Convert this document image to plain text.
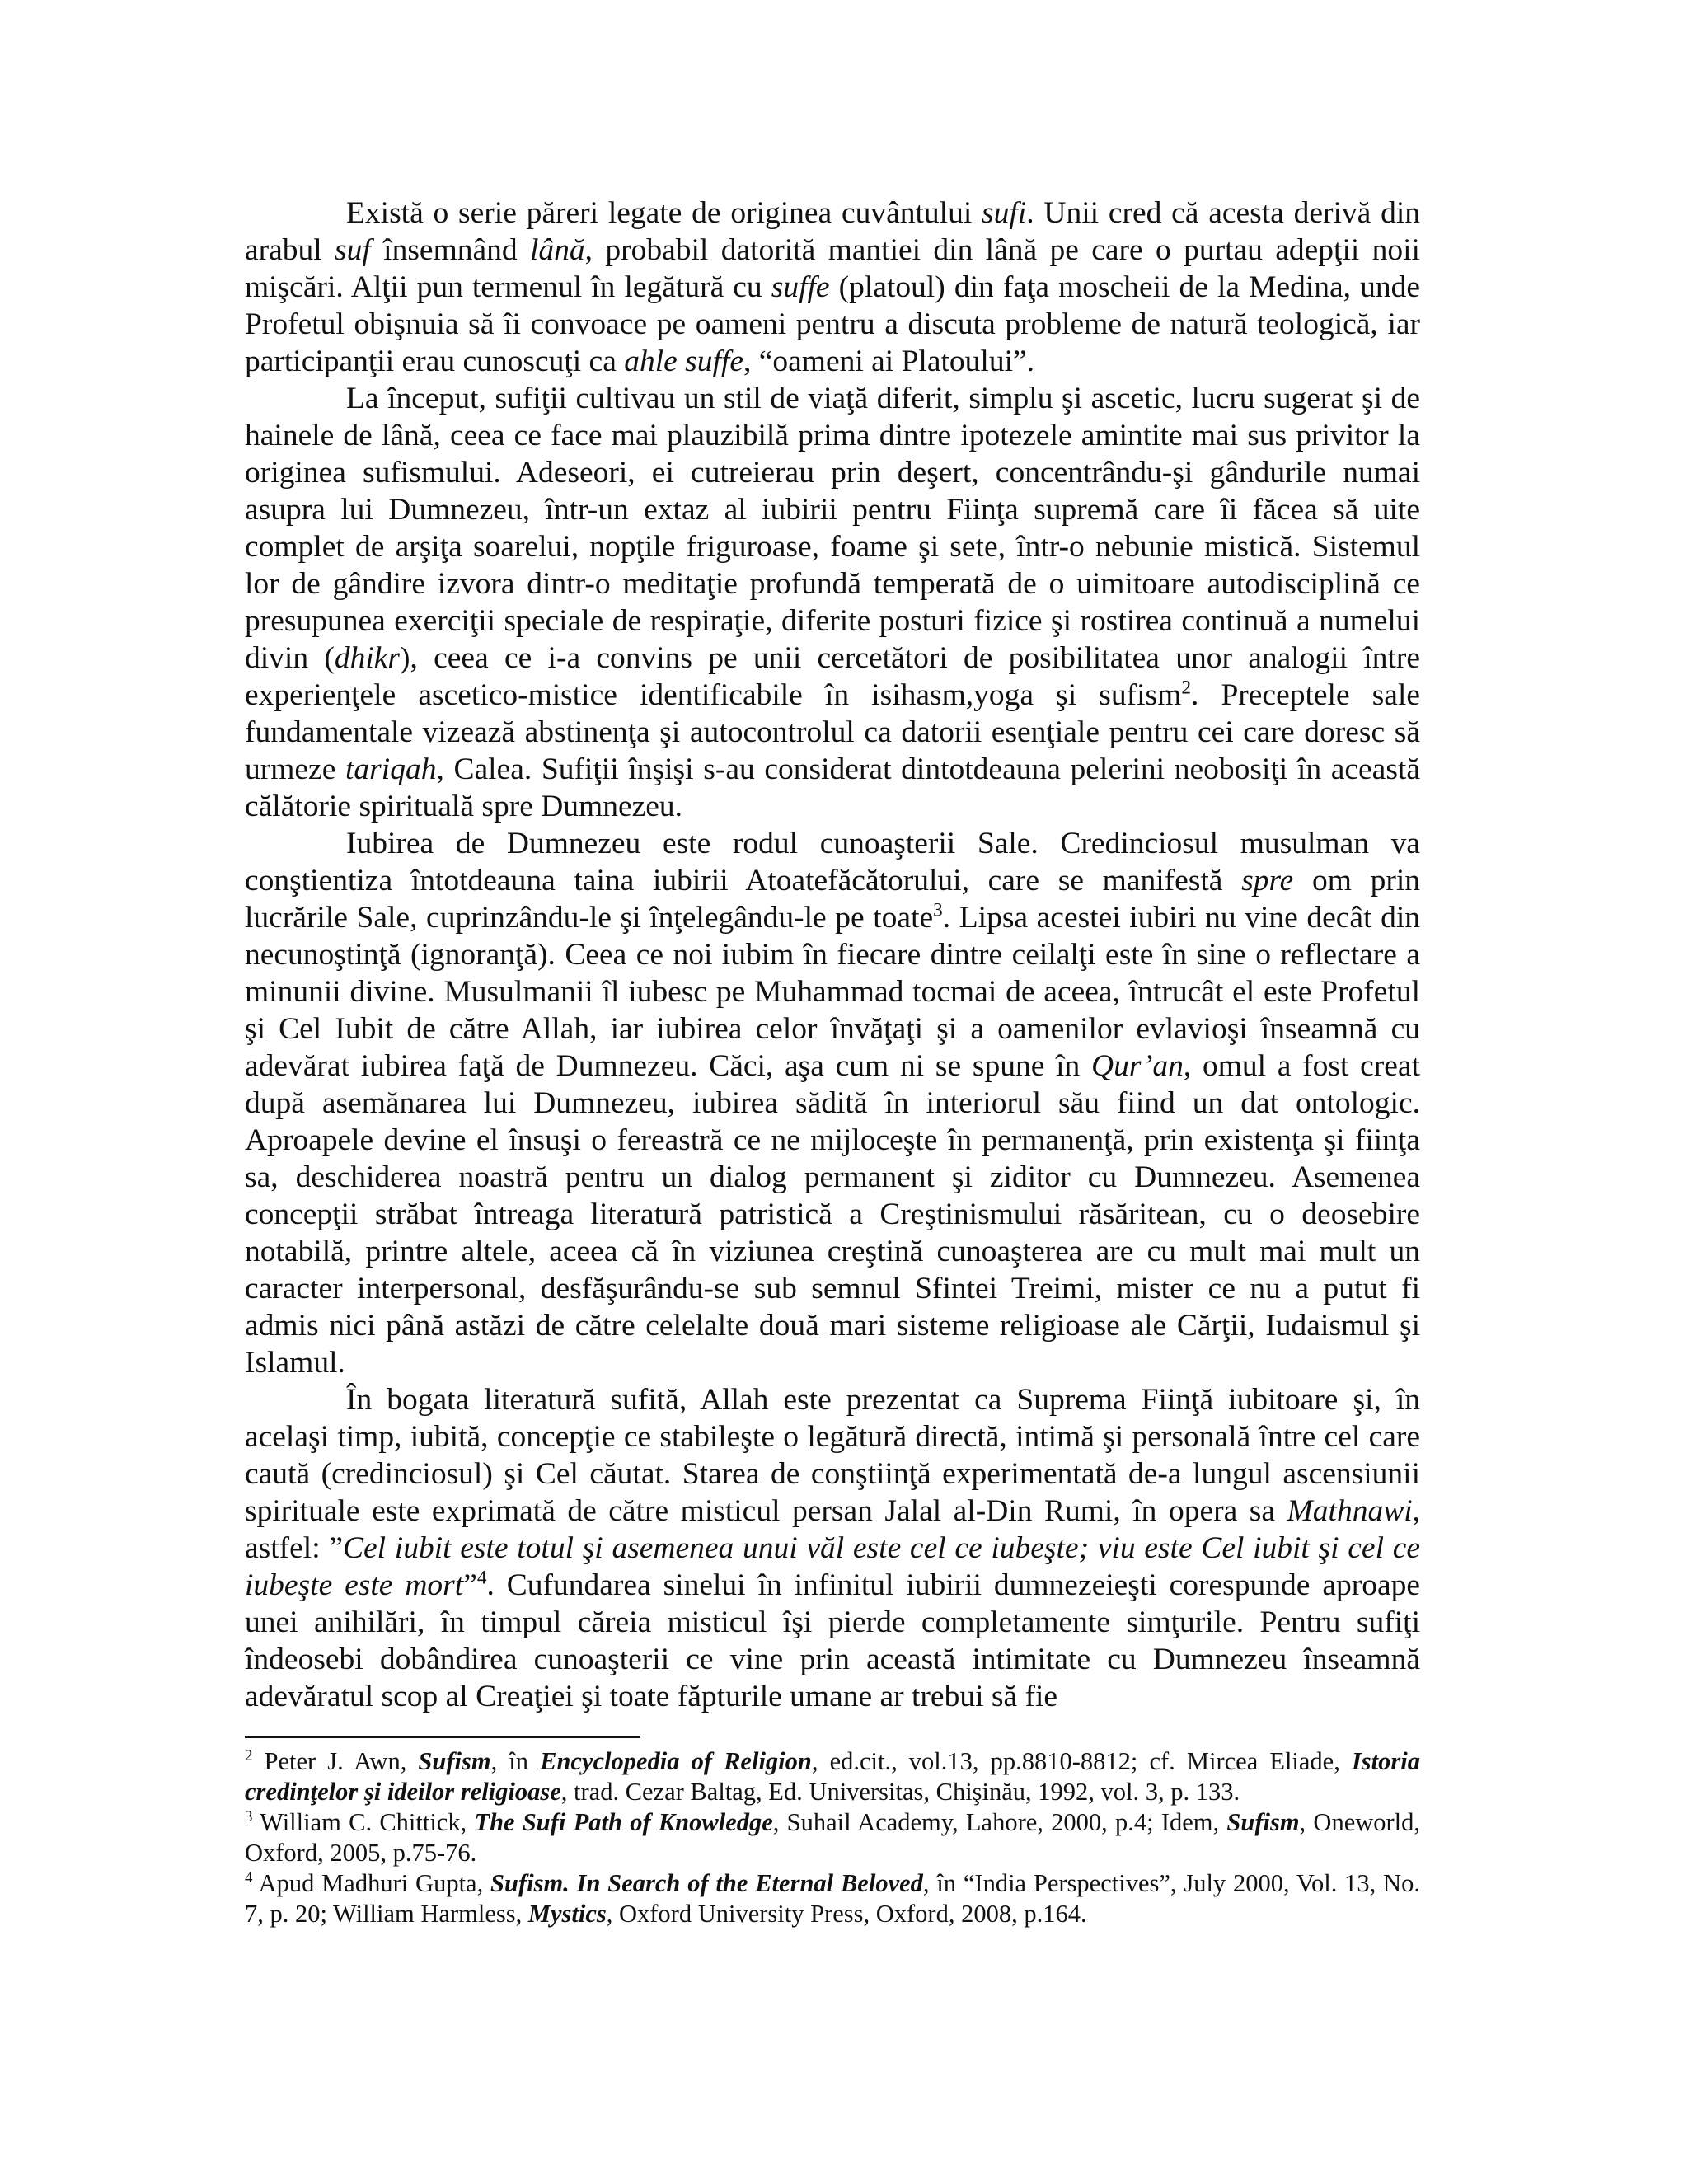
Există o serie păreri legate de originea cuvântului sufi. Unii cred că acesta derivă din arabul suf însemnând lână, probabil datorită mantiei din lână pe care o purtau adepţii noii mişcări. Alţii pun termenul în legătură cu suffe (platoul) din faţa moscheii de la Medina, unde Profetul obişnuia să îi convoace pe oameni pentru a discuta probleme de natură teologică, iar participanţii erau cunoscuţi ca ahle suffe, “oameni ai Platoului”.

La început, sufiţii cultivau un stil de viaţă diferit, simplu şi ascetic, lucru sugerat şi de hainele de lână, ceea ce face mai plauzibilă prima dintre ipotezele amintite mai sus privitor la originea sufismului. Adeseori, ei cutreierau prin deşert, concentrându-şi gândurile numai asupra lui Dumnezeu, într-un extaz al iubirii pentru Fiinţa supremă care îi făcea să uite complet de arşiţa soarelui, nopţile friguroase, foame şi sete, într-o nebunie mistică. Sistemul lor de gândire izvora dintr-o meditaţie profundă temperată de o uimitoare autodisciplină ce presupunea exerciţii speciale de respiraţie, diferite posturi fizice şi rostirea continuă a numelui divin (dhikr), ceea ce i-a convins pe unii cercetători de posibilitatea unor analogii între experienţele ascetico-mistice identificabile în isihasm,yoga şi sufism$^2$. Preceptele sale fundamentale vizează abstinenţa şi autocontrolul ca datorii esenţiale pentru cei care doresc să urmeze tariqah, Calea. Sufiţii înşişi s-au considerat dintotdeauna pelerini neobosiţi în această călătorie spirituală spre Dumnezeu.

Iubirea de Dumnezeu este rodul cunoaşterii Sale. Credinciosul musulman va conştientiza întotdeauna taina iubirii Atoatefăcătorului, care se manifestă spre om prin lucrările Sale, cuprinzându-le şi înţelegându-le pe toate$^3$. Lipsa acestei iubiri nu vine decât din necunoştinţă (ignoranţă). Ceea ce noi iubim în fiecare dintre ceilalţi este în sine o reflectare a minunii divine. Musulmanii îl iubesc pe Muhammad tocmai de aceea, întrucât el este Profetul şi Cel Iubit de către Allah, iar iubirea celor învăţaţi şi a oamenilor evlavioşi înseamnă cu adevărat iubirea faţă de Dumnezeu. Căci, aşa cum ni se spune în Qur’an, omul a fost creat după asemănarea lui Dumnezeu, iubirea sădită în interiorul său fiind un dat ontologic. Aproapele devine el însuşi o fereastră ce ne mijloceşte în permanenţă, prin existenţa şi fiinţa sa, deschiderea noastră pentru un dialog permanent şi ziditor cu Dumnezeu. Asemenea concepţii străbat întreaga literatură patristică a Creştinismului răsăritean, cu o deosebire notabilă, printre altele, aceea că în viziunea creştină cunoaşterea are cu mult mai mult un caracter interpersonal, desfăşurându-se sub semnul Sfintei Treimi, mister ce nu a putut fi admis nici până astăzi de către celelalte două mari sisteme religioase ale Cărţii, Iudaismul şi Islamul.

În bogata literatură sufită, Allah este prezentat ca Suprema Fiinţă iubitoare şi, în acelaşi timp, iubită, concepţie ce stabileşte o legătură directă, intimă şi personală între cel care caută (credinciosul) şi Cel căutat. Starea de conştiinţă experimentată de-a lungul ascensiunii spirituale este exprimată de către misticul persan Jalal al-Din Rumi, în opera sa Mathnawi, astfel: ”Cel iubit este totul şi asemenea unui văl este cel ce iubeşte; viu este Cel iubit şi cel ce iubeşte este mort”$^4$. Cufundarea sinelui în infinitul iubirii dumnezeieşti corespunde aproape unei anihilări, în timpul căreia misticul îşi pierde completamente simţurile. Pentru sufiţi îndeosebi dobândirea cunoaşterii ce vine prin această intimitate cu Dumnezeu înseamnă adevăratul scop al Creaţiei şi toate făpturile umane ar trebui să fie

$^2$ Peter J. Awn, Sufism, în Encyclopedia of Religion, ed.cit., vol.13, pp.8810-8812; cf. Mircea Eliade, Istoria credinţelor şi ideilor religioase, trad. Cezar Baltag, Ed. Universitas, Chişinău, 1992, vol. 3, p. 133.

$^3$ William C. Chittick, The Sufi Path of Knowledge, Suhail Academy, Lahore, 2000, p.4; Idem, Sufism, Oneworld, Oxford, 2005, p.75-76.

$^4$ Apud Madhuri Gupta, Sufism. In Search of the Eternal Beloved, în “India Perspectives”, July 2000, Vol. 13, No. 7, p. 20; William Harmless, Mystics, Oxford University Press, Oxford, 2008, p.164.
